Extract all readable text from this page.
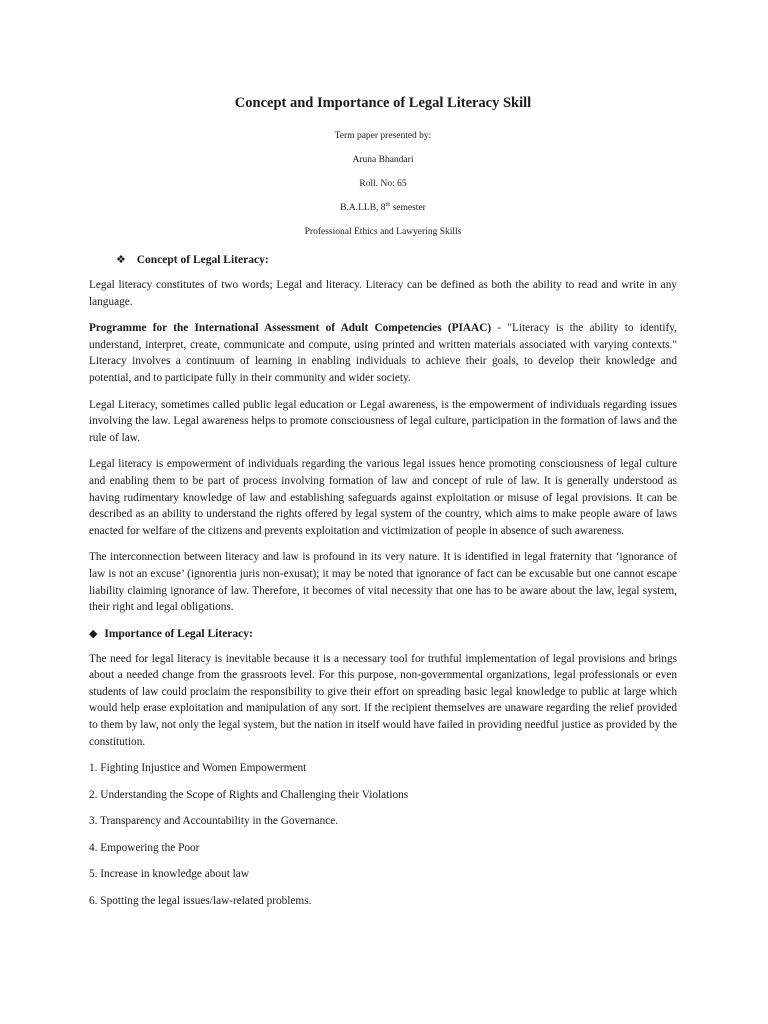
Concept and Importance of Legal Literacy Skill
Term paper presented by:
Aruna Bhandari
Roll. No: 65
B.A.LLB, 8th semester
Professional Ethics and Lawyering Skills
❖ Concept of Legal Literacy:

Legal literacy constitutes of two words; Legal and literacy. Literacy can be defined as both the ability to read and write in any language.

Programme for the International Assessment of Adult Competencies (PIAAC) - "Literacy is the ability to identify, understand, interpret, create, communicate and compute, using printed and written materials associated with varying contexts." Literacy involves a continuum of learning in enabling individuals to achieve their goals, to develop their knowledge and potential, and to participate fully in their community and wider society.

Legal Literacy, sometimes called public legal education or Legal awareness, is the empowerment of individuals regarding issues involving the law. Legal awareness helps to promote consciousness of legal culture, participation in the formation of laws and the rule of law.

Legal literacy is empowerment of individuals regarding the various legal issues hence promoting consciousness of legal culture and enabling them to be part of process involving formation of law and concept of rule of law. It is generally understood as having rudimentary knowledge of law and establishing safeguards against exploitation or misuse of legal provisions. It can be described as an ability to understand the rights offered by legal system of the country, which aims to make people aware of laws enacted for welfare of the citizens and prevents exploitation and victimization of people in absence of such awareness.

The interconnection between literacy and law is profound in its very nature. It is identified in legal fraternity that ‘ignorance of law is not an excuse’ (ignorentia juris non-exusat); it may be noted that ignorance of fact can be excusable but one cannot escape liability claiming ignorance of law. Therefore, it becomes of vital necessity that one has to be aware about the law, legal system, their right and legal obligations.

◆ Importance of Legal Literacy:

The need for legal literacy is inevitable because it is a necessary tool for truthful implementation of legal provisions and brings about a needed change from the grassroots level. For this purpose, non-governmental organizations, legal professionals or even students of law could proclaim the responsibility to give their effort on spreading basic legal knowledge to public at large which would help erase exploitation and manipulation of any sort. If the recipient themselves are unaware regarding the relief provided to them by law, not only the legal system, but the nation in itself would have failed in providing needful justice as provided by the constitution.

1. Fighting Injustice and Women Empowerment
2. Understanding the Scope of Rights and Challenging their Violations
3. Transparency and Accountability in the Governance.
4. Empowering the Poor
5. Increase in knowledge about law
6. Spotting the legal issues/law-related problems.
